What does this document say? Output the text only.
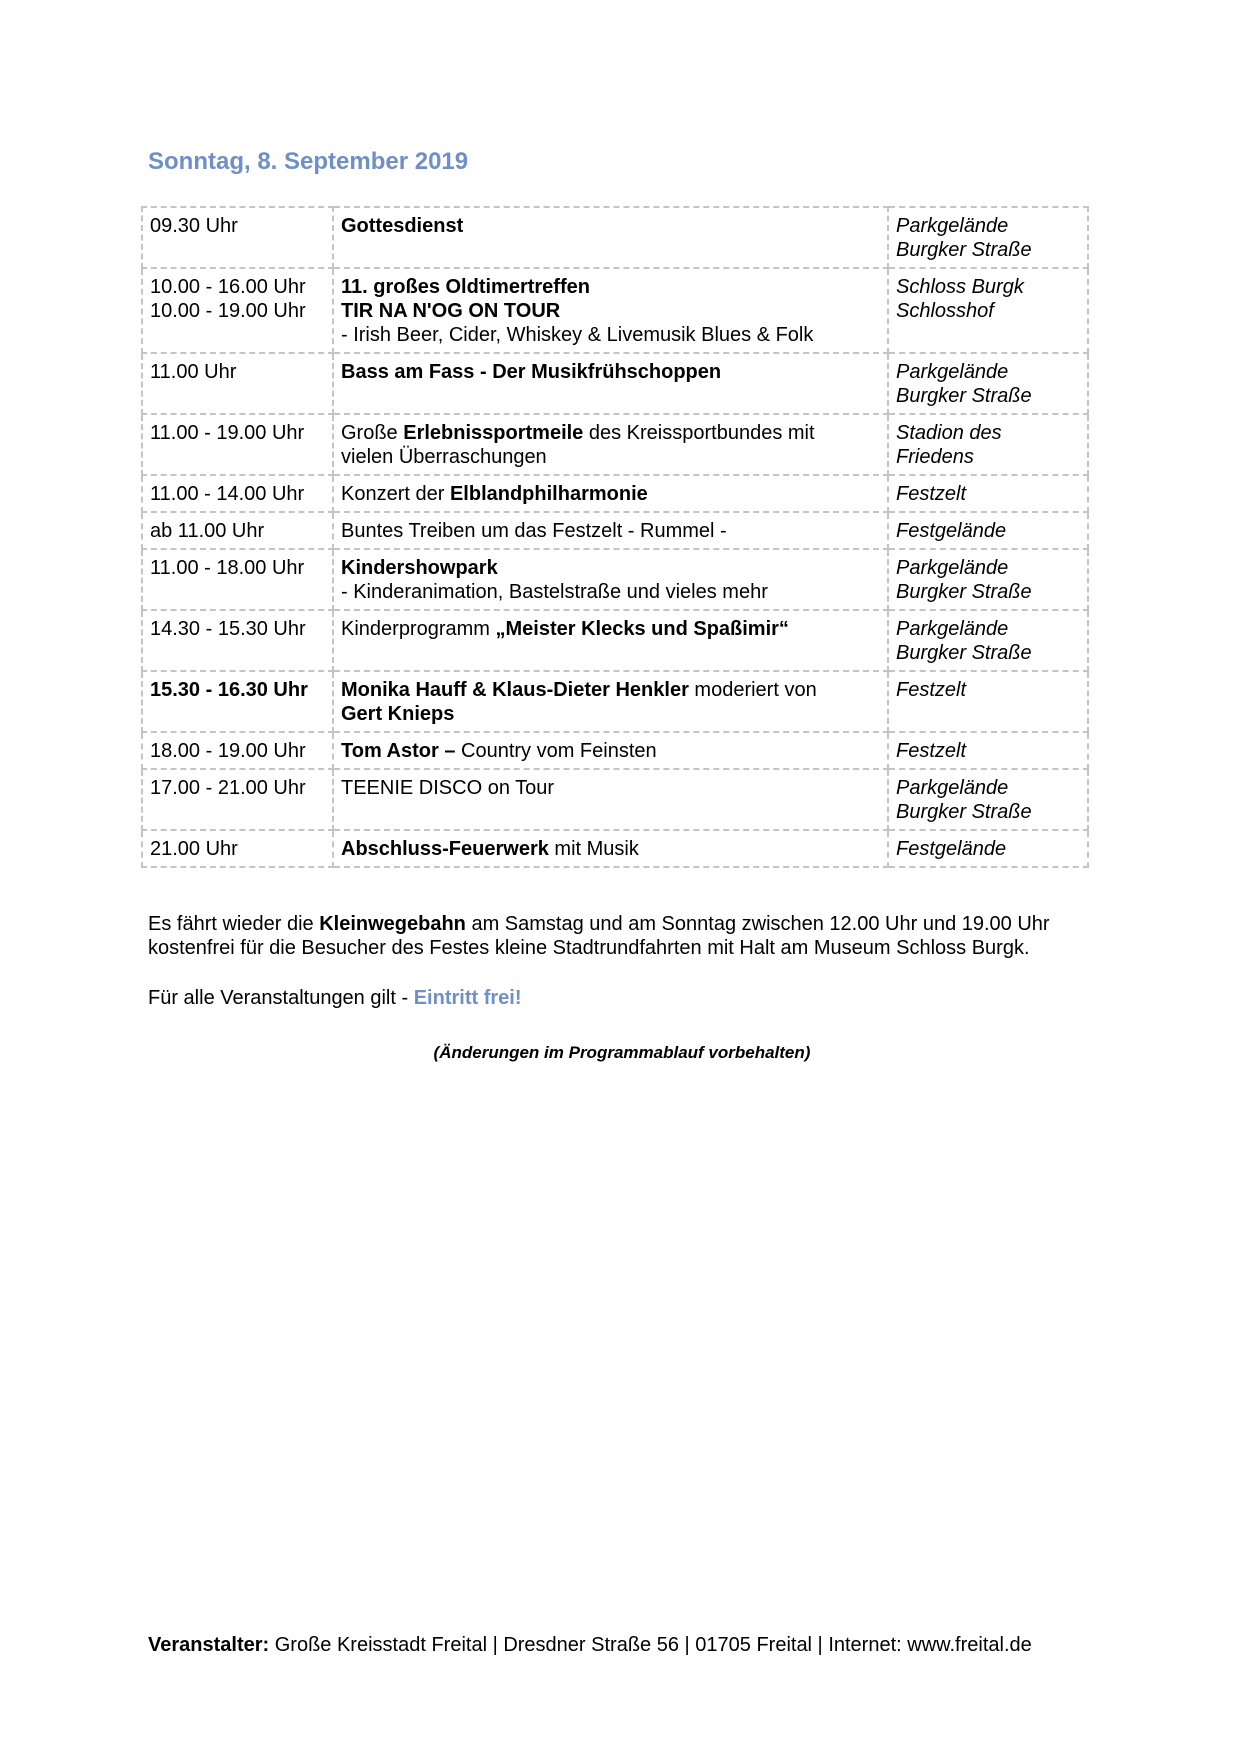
Sonntag, 8. September 2019
09.30 Uhr	Gottesdienst	Parkgelände
Burgker Straße

10.00 - 16.00 Uhr
10.00 - 19.00 Uhr	11. großes Oldtimertreffen
TIR NA N'OG ON TOUR
- Irish Beer, Cider, Whiskey & Livemusik Blues & Folk	Schloss Burgk
Schlosshof

11.00 Uhr	Bass am Fass - Der Musikfrühschoppen	Parkgelände
Burgker Straße

11.00 - 19.00 Uhr	Große Erlebnissportmeile des Kreissportbundes mit
vielen Überraschungen	Stadion des
Friedens

11.00 - 14.00 Uhr	Konzert der Elblandphilharmonie	Festzelt

ab 11.00 Uhr	Buntes Treiben um das Festzelt - Rummel -	Festgelände

11.00 - 18.00 Uhr	Kindershowpark
- Kinderanimation, Bastelstraße und vieles mehr	Parkgelände
Burgker Straße

14.30 - 15.30 Uhr	Kinderprogramm „Meister Klecks und Spaßimir“	Parkgelände
Burgker Straße

15.30 - 16.30 Uhr	Monika Hauff & Klaus-Dieter Henkler moderiert von
Gert Knieps	Festzelt

18.00 - 19.00 Uhr	Tom Astor – Country vom Feinsten	Festzelt

17.00 - 21.00 Uhr	TEENIE DISCO on Tour	Parkgelände
Burgker Straße

21.00 Uhr	Abschluss-Feuerwerk mit Musik	Festgelände

Es fährt wieder die Kleinwegebahn am Samstag und am Sonntag zwischen 12.00 Uhr und 19.00 Uhr kostenfrei für die Besucher des Festes kleine Stadtrundfahrten mit Halt am Museum Schloss Burgk.

Für alle Veranstaltungen gilt - Eintritt frei!

(Änderungen im Programmablauf vorbehalten)

Veranstalter: Große Kreisstadt Freital | Dresdner Straße 56 | 01705 Freital | Internet: www.freital.de
